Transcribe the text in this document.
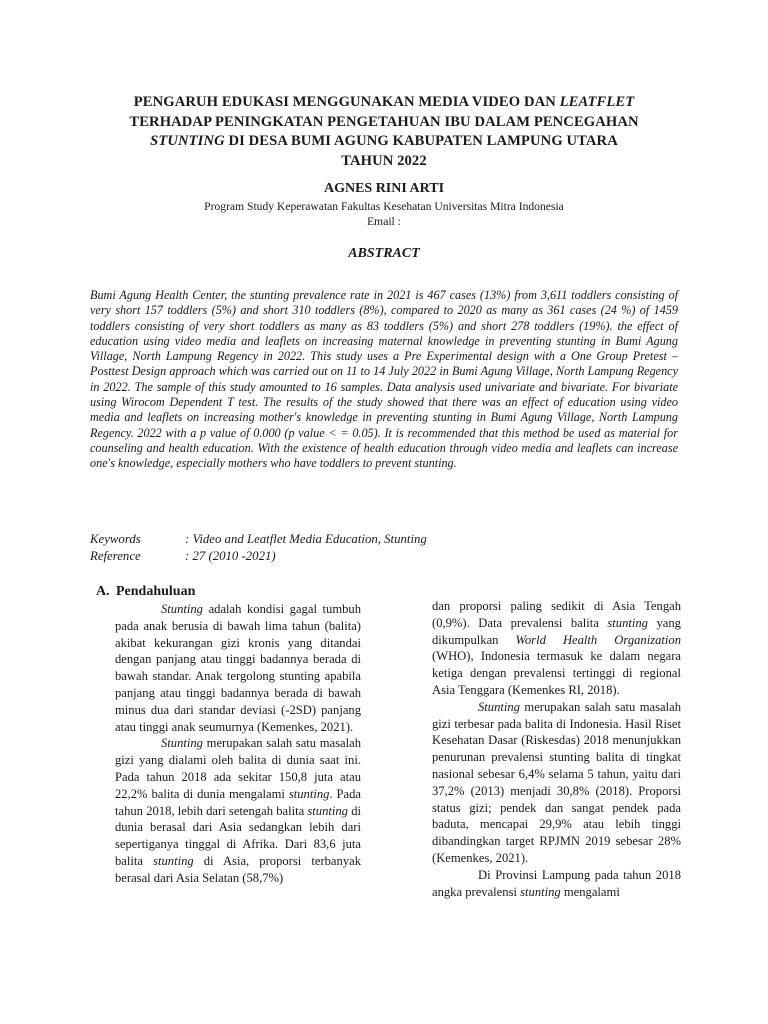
PENGARUH EDUKASI MENGGUNAKAN MEDIA VIDEO DAN LEATFLET
TERHADAP PENINGKATAN PENGETAHUAN IBU DALAM PENCEGAHAN
STUNTING DI DESA BUMI AGUNG KABUPATEN LAMPUNG UTARA
TAHUN 2022
AGNES RINI ARTI
Program Study Keperawatan Fakultas Kesehatan Universitas Mitra Indonesia
Email :
ABSTRACT
Bumi Agung Health Center, the stunting prevalence rate in 2021 is 467 cases (13%) from 3,611 toddlers consisting of very short 157 toddlers (5%) and short 310 toddlers (8%), compared to 2020 as many as 361 cases (24 %) of 1459 toddlers consisting of very short toddlers as many as 83 toddlers (5%) and short 278 toddlers (19%). the effect of education using video media and leaflets on increasing maternal knowledge in preventing stunting in Bumi Agung Village, North Lampung Regency in 2022. This study uses a Pre Experimental design with a One Group Pretest – Posttest Design approach which was carried out on 11 to 14 July 2022 in Bumi Agung Village, North Lampung Regency in 2022. The sample of this study amounted to 16 samples. Data analysis used univariate and bivariate. For bivariate using Wirocom Dependent T test. The results of the study showed that there was an effect of education using video media and leaflets on increasing mother's knowledge in preventing stunting in Bumi Agung Village, North Lampung Regency. 2022 with a p value of 0.000 (p value < = 0.05). It is recommended that this method be used as material for counseling and health education. With the existence of health education through video media and leaflets can increase one's knowledge, especially mothers who have toddlers to prevent stunting.
Keywords	: Video and Leatflet Media Education, Stunting
Reference	: 27 (2010 -2021)
A. Pendahuluan

Stunting adalah kondisi gagal tumbuh pada anak berusia di bawah lima tahun (balita) akibat kekurangan gizi kronis yang ditandai dengan panjang atau tinggi badannya berada di bawah standar. Anak tergolong stunting apabila panjang atau tinggi badannya berada di bawah minus dua dari standar deviasi (-2SD) panjang atau tinggi anak seumurnya (Kemenkes, 2021).

Stunting merupakan salah satu masalah gizi yang dialami oleh balita di dunia saat ini. Pada tahun 2018 ada sekitar 150,8 juta atau 22,2% balita di dunia mengalami stunting. Pada tahun 2018, lebih dari setengah balita stunting di dunia berasal dari Asia sedangkan lebih dari sepertiganya tinggal di Afrika. Dari 83,6 juta balita stunting di Asia, proporsi terbanyak berasal dari Asia Selatan (58,7%)

dan proporsi paling sedikit di Asia Tengah (0,9%). Data prevalensi balita stunting yang dikumpulkan World Health Organization (WHO), Indonesia termasuk ke dalam negara ketiga dengan prevalensi tertinggi di regional Asia Tenggara (Kemenkes RI, 2018).

Stunting merupakan salah satu masalah gizi terbesar pada balita di Indonesia. Hasil Riset Kesehatan Dasar (Riskesdas) 2018 menunjukkan penurunan prevalensi stunting balita di tingkat nasional sebesar 6,4% selama 5 tahun, yaitu dari 37,2% (2013) menjadi 30,8% (2018). Proporsi status gizi; pendek dan sangat pendek pada baduta, mencapai 29,9% atau lebih tinggi dibandingkan target RPJMN 2019 sebesar 28% (Kemenkes, 2021).

Di Provinsi Lampung pada tahun 2018 angka prevalensi stunting mengalami
